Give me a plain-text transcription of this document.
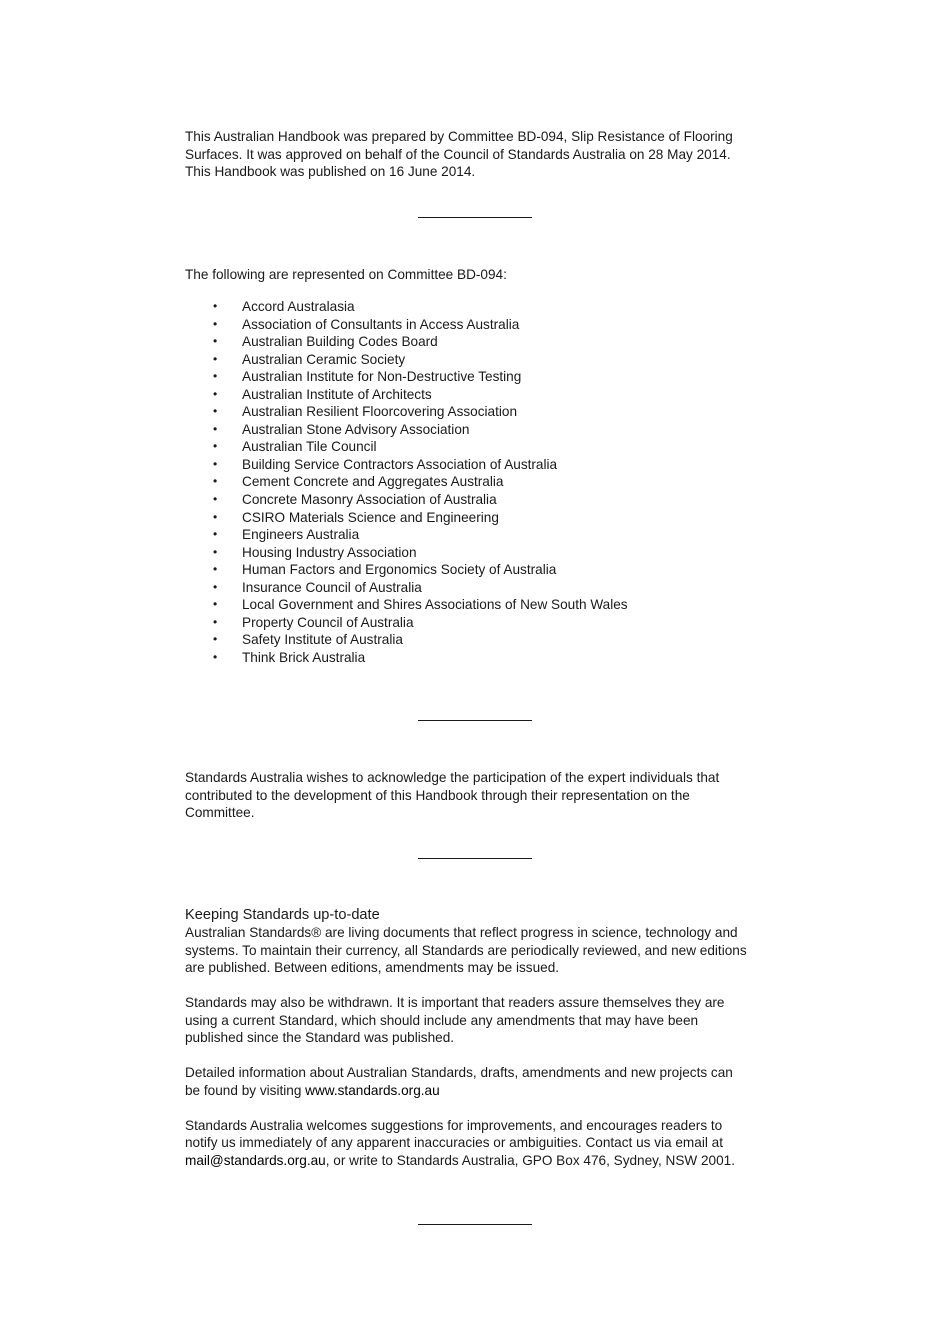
This Australian Handbook was prepared by Committee BD-094, Slip Resistance of Flooring
Surfaces. It was approved on behalf of the Council of Standards Australia on 28 May 2014.
This Handbook was published on 16 June 2014.
The following are represented on Committee BD-094:
• Accord Australasia
• Association of Consultants in Access Australia
• Australian Building Codes Board
• Australian Ceramic Society
• Australian Institute for Non-Destructive Testing
• Australian Institute of Architects
• Australian Resilient Floorcovering Association
• Australian Stone Advisory Association
• Australian Tile Council
• Building Service Contractors Association of Australia
• Cement Concrete and Aggregates Australia
• Concrete Masonry Association of Australia
• CSIRO Materials Science and Engineering
• Engineers Australia
• Housing Industry Association
• Human Factors and Ergonomics Society of Australia
• Insurance Council of Australia
• Local Government and Shires Associations of New South Wales
• Property Council of Australia
• Safety Institute of Australia
• Think Brick Australia
Standards Australia wishes to acknowledge the participation of the expert individuals that
contributed to the development of this Handbook through their representation on the
Committee.
Keeping Standards up-to-date
Australian Standards® are living documents that reflect progress in science, technology and
systems. To maintain their currency, all Standards are periodically reviewed, and new editions
are published. Between editions, amendments may be issued.
Standards may also be withdrawn. It is important that readers assure themselves they are
using a current Standard, which should include any amendments that may have been
published since the Standard was published.
Detailed information about Australian Standards, drafts, amendments and new projects can
be found by visiting www.standards.org.au
Standards Australia welcomes suggestions for improvements, and encourages readers to
notify us immediately of any apparent inaccuracies or ambiguities. Contact us via email at
mail@standards.org.au, or write to Standards Australia, GPO Box 476, Sydney, NSW 2001.
